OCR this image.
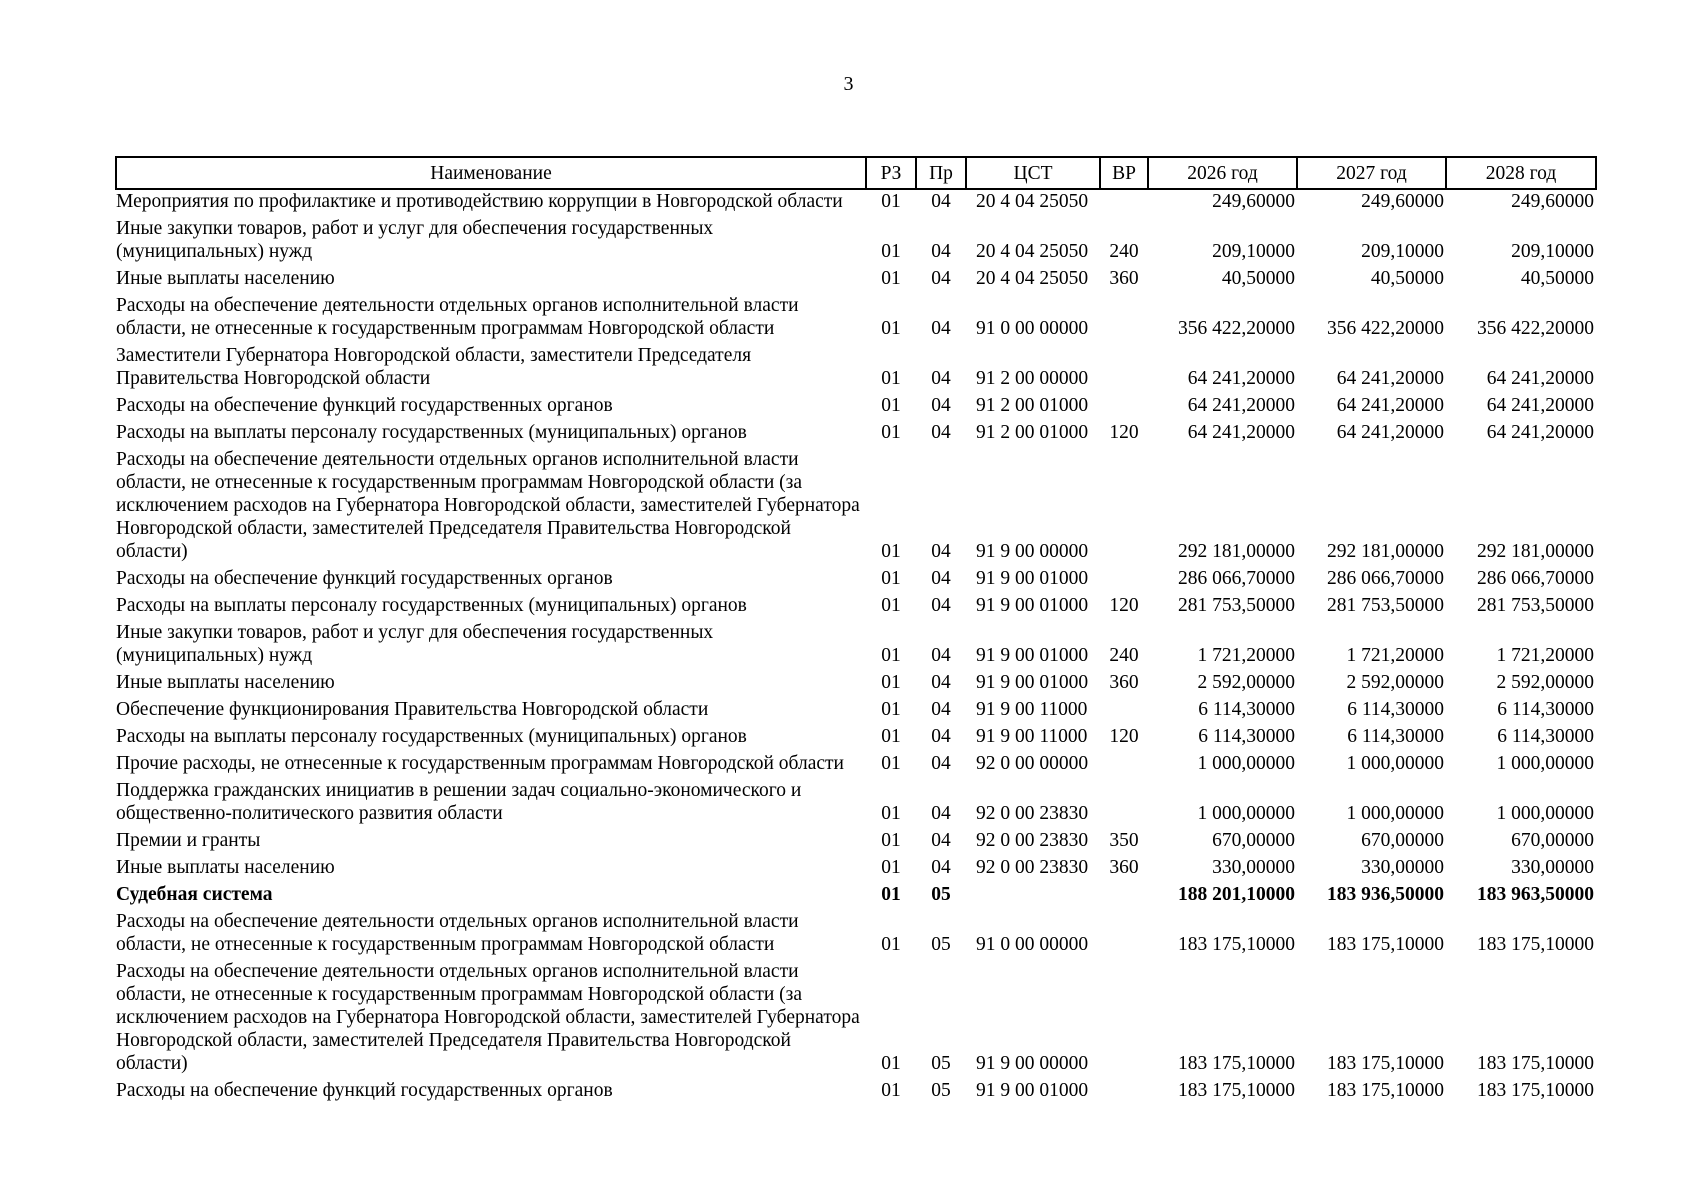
3
Наименование	РЗ	Пр	ЦСТ	ВР	2026 год	2027 год	2028 год
Мероприятия по профилактике и противодействию коррупции в Новгородской области	01	04	20 4 04 25050		249,60000	249,60000	249,60000
Иные закупки товаров, работ и услуг для обеспечения государственных (муниципальных) нужд	01	04	20 4 04 25050	240	209,10000	209,10000	209,10000
Иные выплаты населению	01	04	20 4 04 25050	360	40,50000	40,50000	40,50000
Расходы на обеспечение деятельности отдельных органов исполнительной власти области, не отнесенные к государственным программам Новгородской области	01	04	91 0 00 00000		356 422,20000	356 422,20000	356 422,20000
Заместители Губернатора Новгородской области, заместители Председателя Правительства Новгородской области	01	04	91 2 00 00000		64 241,20000	64 241,20000	64 241,20000
Расходы на обеспечение функций государственных органов	01	04	91 2 00 01000		64 241,20000	64 241,20000	64 241,20000
Расходы на выплаты персоналу государственных (муниципальных) органов	01	04	91 2 00 01000	120	64 241,20000	64 241,20000	64 241,20000
Расходы на обеспечение деятельности отдельных органов исполнительной власти области, не отнесенные к государственным программам Новгородской области (за исключением расходов на Губернатора Новгородской области, заместителей Губернатора Новгородской области, заместителей Председателя Правительства Новгородской области)	01	04	91 9 00 00000		292 181,00000	292 181,00000	292 181,00000
Расходы на обеспечение функций государственных органов	01	04	91 9 00 01000		286 066,70000	286 066,70000	286 066,70000
Расходы на выплаты персоналу государственных (муниципальных) органов	01	04	91 9 00 01000	120	281 753,50000	281 753,50000	281 753,50000
Иные закупки товаров, работ и услуг для обеспечения государственных (муниципальных) нужд	01	04	91 9 00 01000	240	1 721,20000	1 721,20000	1 721,20000
Иные выплаты населению	01	04	91 9 00 01000	360	2 592,00000	2 592,00000	2 592,00000
Обеспечение функционирования Правительства Новгородской области	01	04	91 9 00 11000		6 114,30000	6 114,30000	6 114,30000
Расходы на выплаты персоналу государственных (муниципальных) органов	01	04	91 9 00 11000	120	6 114,30000	6 114,30000	6 114,30000
Прочие расходы, не отнесенные к государственным программам Новгородской области	01	04	92 0 00 00000		1 000,00000	1 000,00000	1 000,00000
Поддержка гражданских инициатив в решении задач социально-экономического и общественно-политического развития области	01	04	92 0 00 23830		1 000,00000	1 000,00000	1 000,00000
Премии и гранты	01	04	92 0 00 23830	350	670,00000	670,00000	670,00000
Иные выплаты населению	01	04	92 0 00 23830	360	330,00000	330,00000	330,00000
Судебная система	01	05			188 201,10000	183 936,50000	183 963,50000
Расходы на обеспечение деятельности отдельных органов исполнительной власти области, не отнесенные к государственным программам Новгородской области	01	05	91 0 00 00000		183 175,10000	183 175,10000	183 175,10000
Расходы на обеспечение деятельности отдельных органов исполнительной власти области, не отнесенные к государственным программам Новгородской области (за исключением расходов на Губернатора Новгородской области, заместителей Губернатора Новгородской области, заместителей Председателя Правительства Новгородской области)	01	05	91 9 00 00000		183 175,10000	183 175,10000	183 175,10000
Расходы на обеспечение функций государственных органов	01	05	91 9 00 01000		183 175,10000	183 175,10000	183 175,10000
